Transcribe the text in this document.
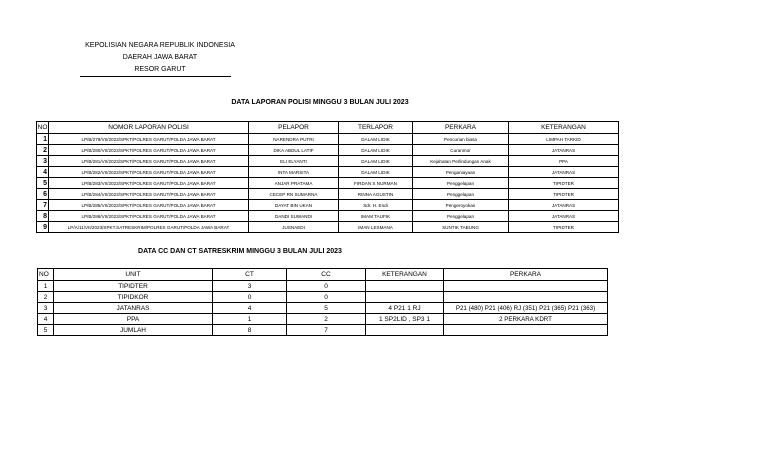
KEPOLISIAN NEGARA REPUBLIK INDONESIA
DAERAH JAWA BARAT
RESOR GARUT
DATA LAPORAN POLISI MINGGU 3 BULAN JULI 2023
NO	NOMOR LAPORAN POLISI	PELAPOR	TERLAPOR	PERKARA	KETERANGAN
1	LP/B/279/VII/2023/SPKT/POLRES GARUT/POLDA JAWA BARAT	NARENDRA PUTRI	DALAM LIDIK	Pencurian biasa	LIMPAH TARKID
2	LP/B/280/VII/2023/SPKT/POLRES GARUT/POLDA JAWA BARAT	DIKA ABDUL LATIF	DALAM LIDIK	Curanmor	JATANRAS
3	LP/B/281/VII/2023/SPKT/POLRES GARUT/POLDA JAWA BARAT	ELI ELYANTI	DALAM LIDIK	Kejahatan Perlindungan Anak	PPA
4	LP/B/282/VII/2023/SPKT/POLRES GARUT/POLDA JAWA BARAT	INTA MARSITA	DALAM LIDIK	Penganiayaan	JATANRAS
5	LP/B/283/VII/2023/SPKT/POLRES GARUT/POLDA JAWA BARAT	ANJAR PRATAMA	FIRDAN S NURMAN	Penggelapan	TIPIDTER
6	LP/B/284/VII/2023/SPKT/POLRES GARUT/POLDA JAWA BARAT	CECEP RN SUMARNA	RINNA AGUSTIN	Penggelapan	TIPIDTER
7	LP/B/285/VII/2023/SPKT/POLRES GARUT/POLDA JAWA BARAT	DAYAT BIN UKAN	Sdr. H. Endi	Pengeroyokan	JATANRAS
8	LP/B/286/VII/2023/SPKT/POLRES GARUT/POLDA JAWA BARAT	DANDI SUWANDI	IMAM TAUFIK	Penggelapan	JATANRAS
9	LP/A/11/VII/2023/SPKT.SATRESKRIM/POLRES GARUT/POLDA JAWA BARAT	JUSNAEDI	IMAN LESMANA	SUNTIK TABUNG	TIPIDTER
DATA CC DAN CT SATRESKRIM MINGGU 3 BULAN JULI 2023
NO	UNIT	CT	CC	KETERANGAN	PERKARA
1	TIPIDTER	3	0		
2	TIPIDKOR	0	0		
3	JATANRAS	4	5	4 P21 1 RJ	P21 (480) P21 (406) RJ (351) P21 (365) P21 (363)
4	PPA	1	2	1 SP2LID , SP3 1	2 PERKARA KDRT
5	JUMLAH	8	7		
